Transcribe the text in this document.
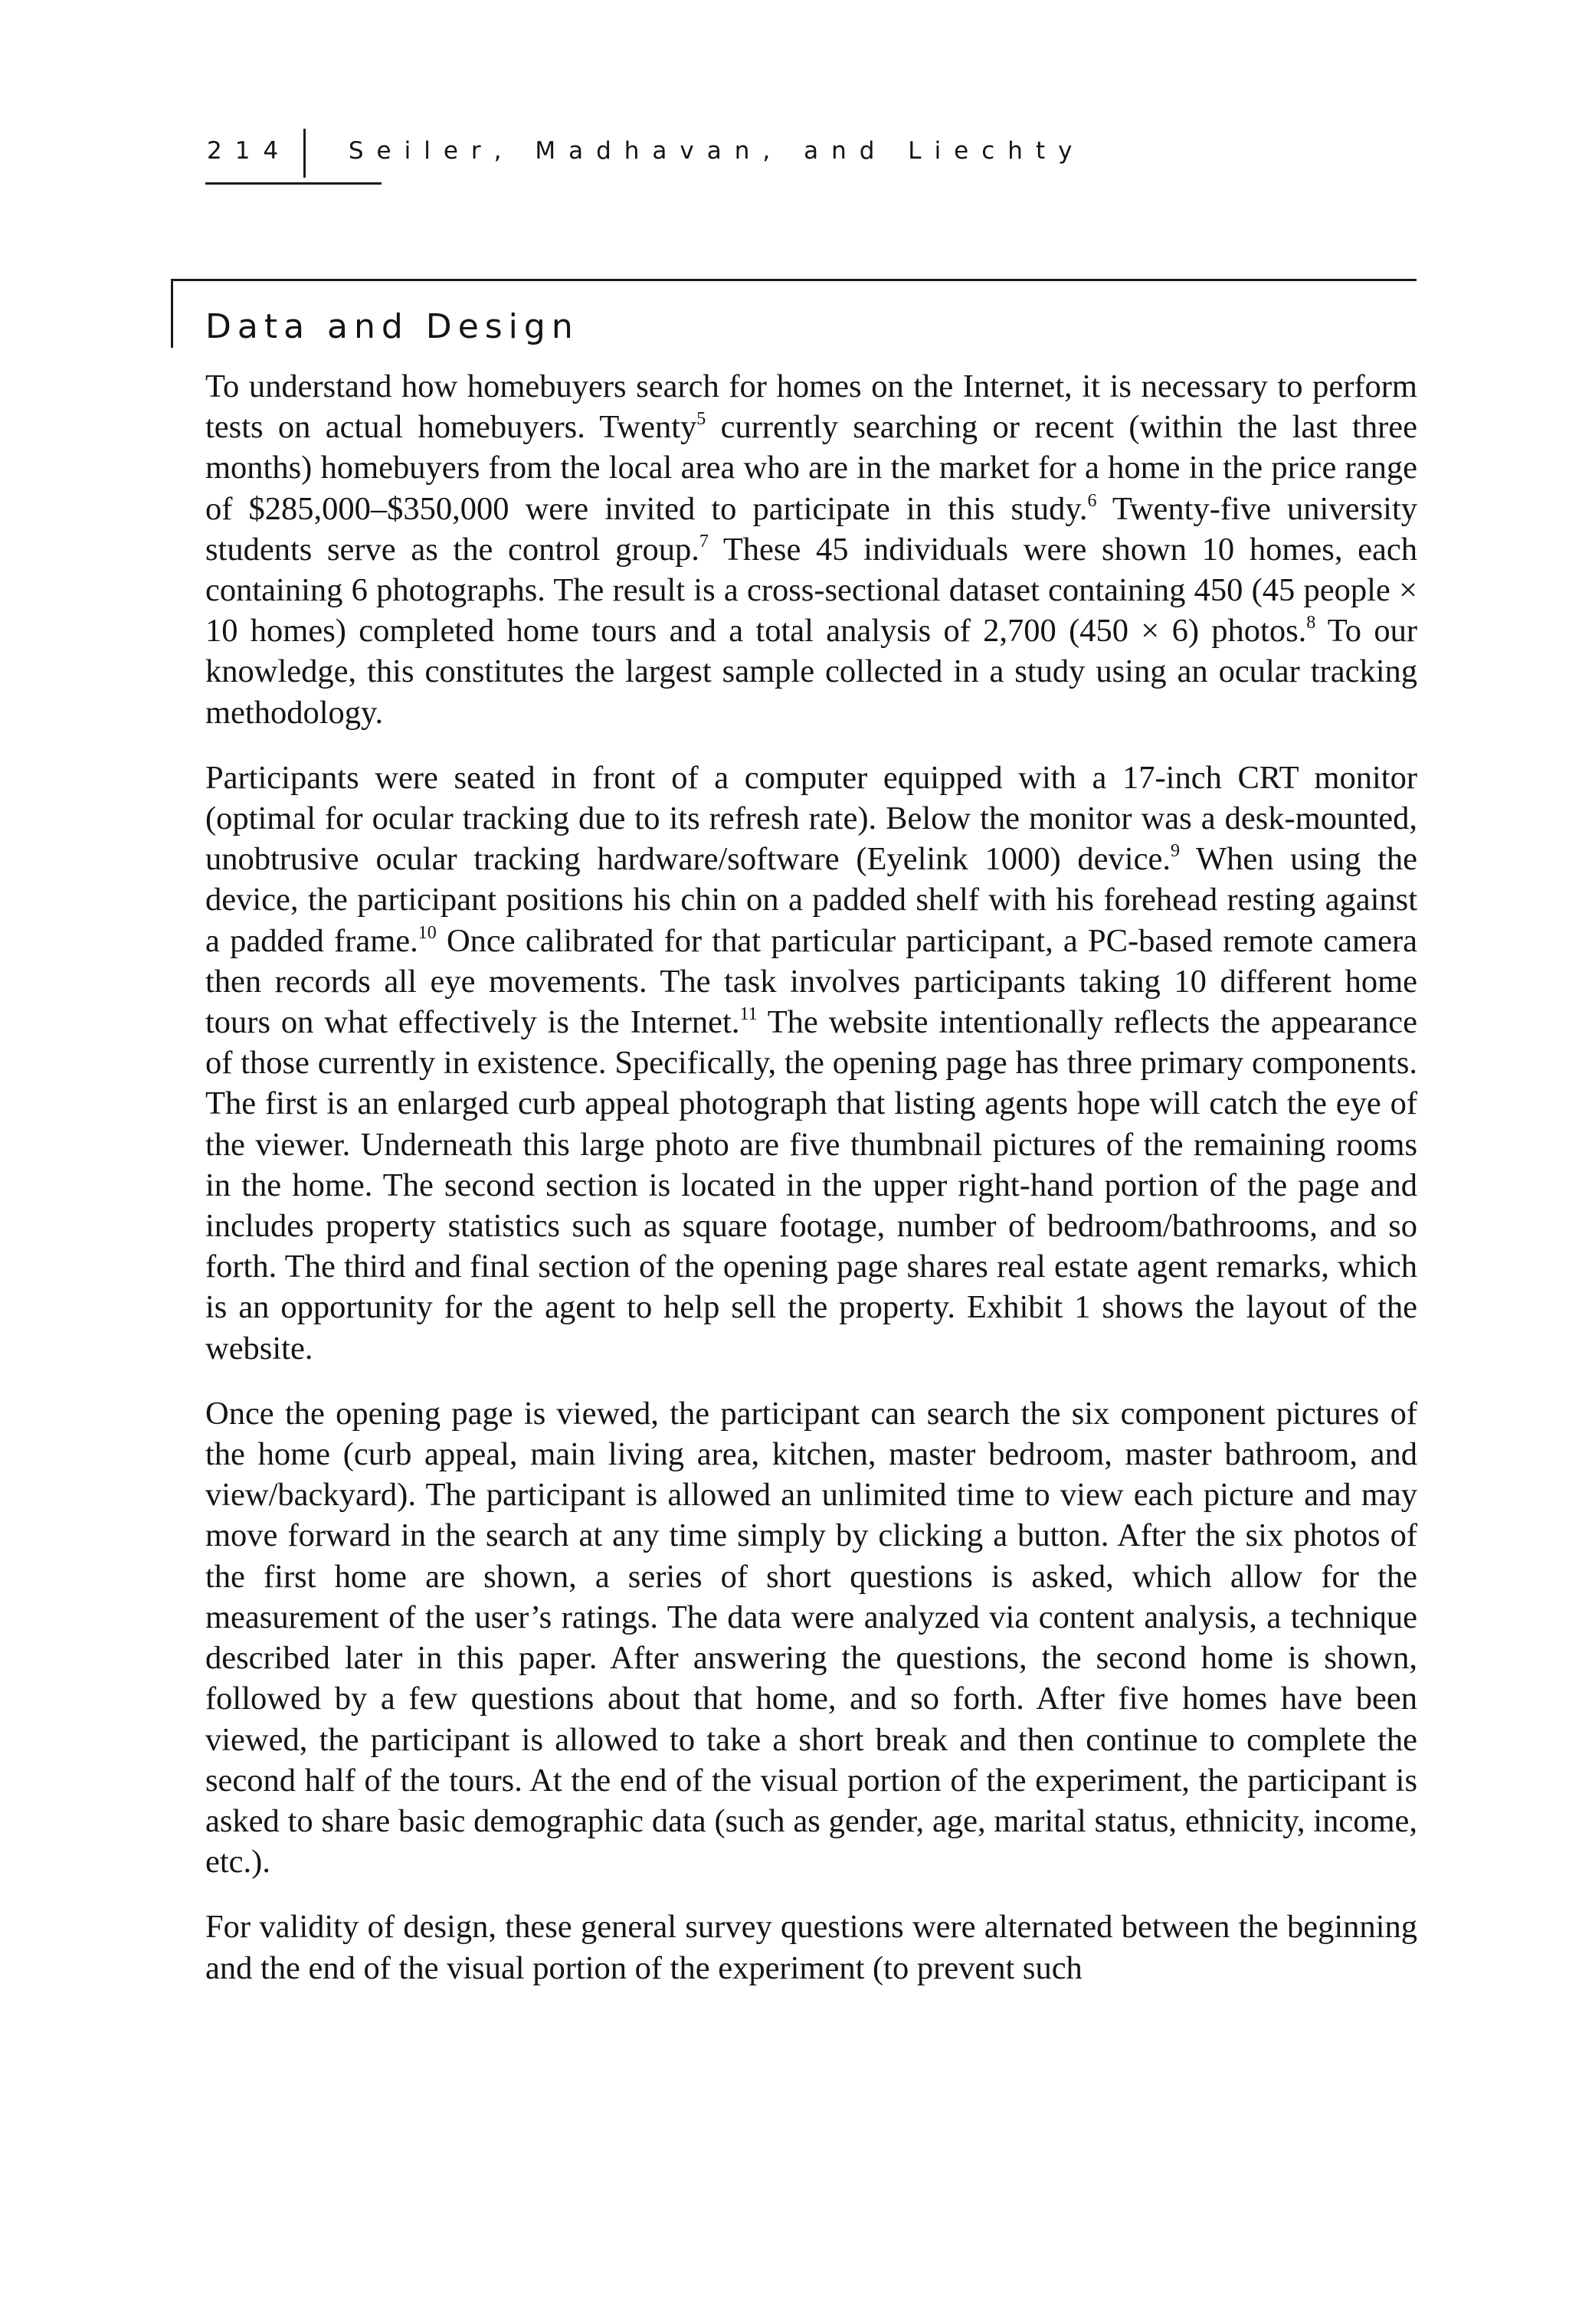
214 Seiler, Madhavan, and Liechty
Data and Design

To understand how homebuyers search for homes on the Internet, it is necessary to perform tests on actual homebuyers. Twenty$^5$ currently searching or recent (within the last three months) homebuyers from the local area who are in the market for a home in the price range of $285,000–$350,000 were invited to participate in this study.$^6$ Twenty-five university students serve as the control group.$^7$ These 45 individuals were shown 10 homes, each containing 6 photographs. The result is a cross-sectional dataset containing 450 (45 people × 10 homes) completed home tours and a total analysis of 2,700 (450 × 6) photos.$^8$ To our knowledge, this constitutes the largest sample collected in a study using an ocular tracking methodology.

Participants were seated in front of a computer equipped with a 17-inch CRT monitor (optimal for ocular tracking due to its refresh rate). Below the monitor was a desk-mounted, unobtrusive ocular tracking hardware/software (Eyelink 1000) device.$^9$ When using the device, the participant positions his chin on a padded shelf with his forehead resting against a padded frame.$^{10}$ Once calibrated for that particular participant, a PC-based remote camera then records all eye movements. The task involves participants taking 10 different home tours on what effectively is the Internet.$^{11}$ The website intentionally reflects the appearance of those currently in existence. Specifically, the opening page has three primary components. The first is an enlarged curb appeal photograph that listing agents hope will catch the eye of the viewer. Underneath this large photo are five thumbnail pictures of the remaining rooms in the home. The second section is located in the upper right-hand portion of the page and includes property statistics such as square footage, number of bedroom/bathrooms, and so forth. The third and final section of the opening page shares real estate agent remarks, which is an opportunity for the agent to help sell the property. Exhibit 1 shows the layout of the website.

Once the opening page is viewed, the participant can search the six component pictures of the home (curb appeal, main living area, kitchen, master bedroom, master bathroom, and view/backyard). The participant is allowed an unlimited time to view each picture and may move forward in the search at any time simply by clicking a button. After the six photos of the first home are shown, a series of short questions is asked, which allow for the measurement of the user’s ratings. The data were analyzed via content analysis, a technique described later in this paper. After answering the questions, the second home is shown, followed by a few questions about that home, and so forth. After five homes have been viewed, the participant is allowed to take a short break and then continue to complete the second half of the tours. At the end of the visual portion of the experiment, the participant is asked to share basic demographic data (such as gender, age, marital status, ethnicity, income, etc.).

For validity of design, these general survey questions were alternated between the beginning and the end of the visual portion of the experiment (to prevent such
